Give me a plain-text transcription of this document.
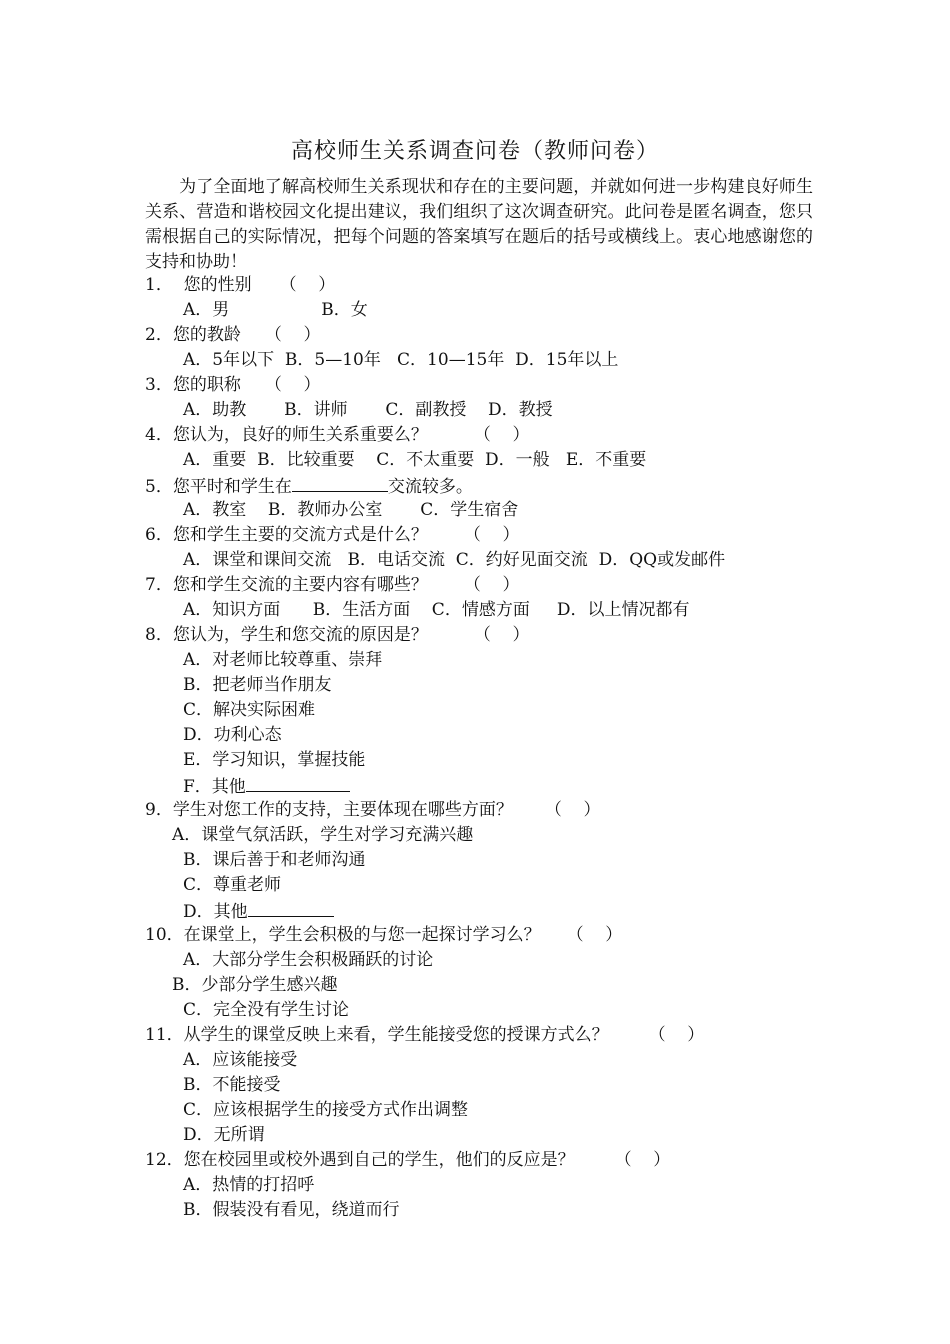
高校师生关系调查问卷（教师问卷）
为了全面地了解高校师生关系现状和存在的主要问题，并就如何进一步构建良好师生关系、营造和谐校园文化提出建议，我们组织了这次调查研究。此问卷是匿名调查，您只需根据自己的实际情况，把每个问题的答案填写在题后的括号或横线上。衷心地感谢您的支持和协助！
1．  您的性别 （    ）
A．男	B．女
2．您的教龄 （    ）
A．5年以下  B．5—10年   C．10—15年  D．15年以上
3．您的职称 （    ）
A．助教       B．讲师       C．副教授    D．教授
4．您认为，良好的师生关系重要么？	（    ）
A．重要  B．比较重要    C．不太重要  D．一般   E．不重要
5．您平时和学生在	交流较多。
A．教室    B．教师办公室       C．学生宿舍
6．您和学生主要的交流方式是什么？ （    ）
A．课堂和课间交流   B．电话交流  C．约好见面交流  D．QQ或发邮件
7．您和学生交流的主要内容有哪些？ （    ）
A．知识方面      B．生活方面    C．情感方面     D．以上情况都有
8．您认为，学生和您交流的原因是？	（    ）
A．对老师比较尊重、崇拜
B．把老师当作朋友
C．解决实际困难
D．功利心态
E．学习知识，掌握技能
F．其他
9．学生对您工作的支持，主要体现在哪些方面？ （    ）
A．课堂气氛活跃，学生对学习充满兴趣
B．课后善于和老师沟通
C．尊重老师
D．其他
10．在课堂上，学生会积极的与您一起探讨学习么？ （    ）
A．大部分学生会积极踊跃的讨论
B．少部分学生感兴趣
C．完全没有学生讨论
11．从学生的课堂反映上来看，学生能接受您的授课方式么？ （    ）
A．应该能接受
B．不能接受
C．应该根据学生的接受方式作出调整
D．无所谓
12．您在校园里或校外遇到自己的学生，他们的反应是？ （    ）
A．热情的打招呼
B．假装没有看见，绕道而行
